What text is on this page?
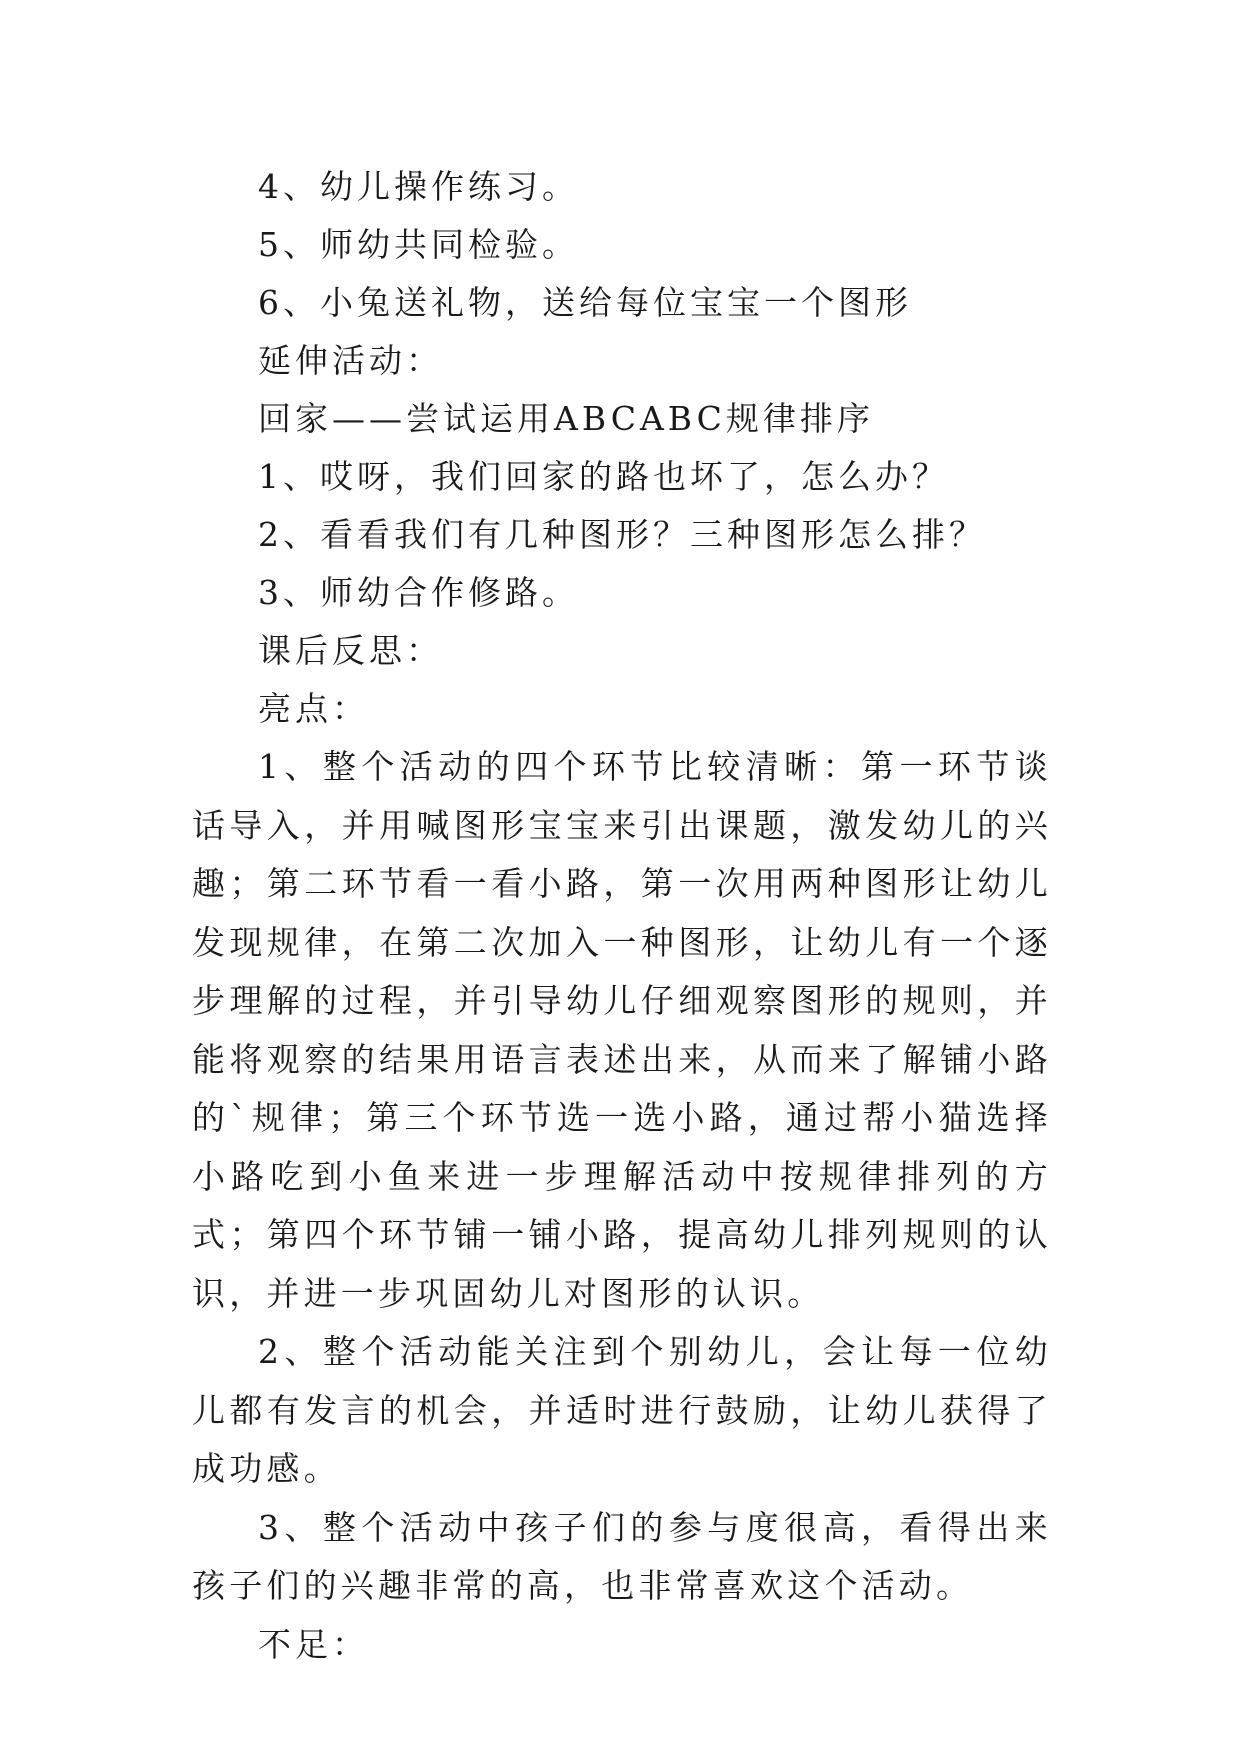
4、幼儿操作练习。
5、师幼共同检验。
6、小兔送礼物，送给每位宝宝一个图形
延伸活动：
回家——尝试运用ABCABC规律排序
1、哎呀，我们回家的路也坏了，怎么办？
2、看看我们有几种图形？三种图形怎么排？
3、师幼合作修路。
课后反思：
亮点：

1、整个活动的四个环节比较清晰：第一环节谈话导入，并用喊图形宝宝来引出课题，激发幼儿的兴趣；第二环节看一看小路，第一次用两种图形让幼儿发现规律，在第二次加入一种图形，让幼儿有一个逐步理解的过程，并引导幼儿仔细观察图形的规则，并能将观察的结果用语言表述出来，从而来了解铺小路的`规律；第三个环节选一选小路，通过帮小猫选择小路吃到小鱼来进一步理解活动中按规律排列的方式；第四个环节铺一铺小路，提高幼儿排列规则的认识，并进一步巩固幼儿对图形的认识。

2、整个活动能关注到个别幼儿，会让每一位幼儿都有发言的机会，并适时进行鼓励，让幼儿获得了成功感。

3、整个活动中孩子们的参与度很高，看得出来孩子们的兴趣非常的高，也非常喜欢这个活动。

不足：
